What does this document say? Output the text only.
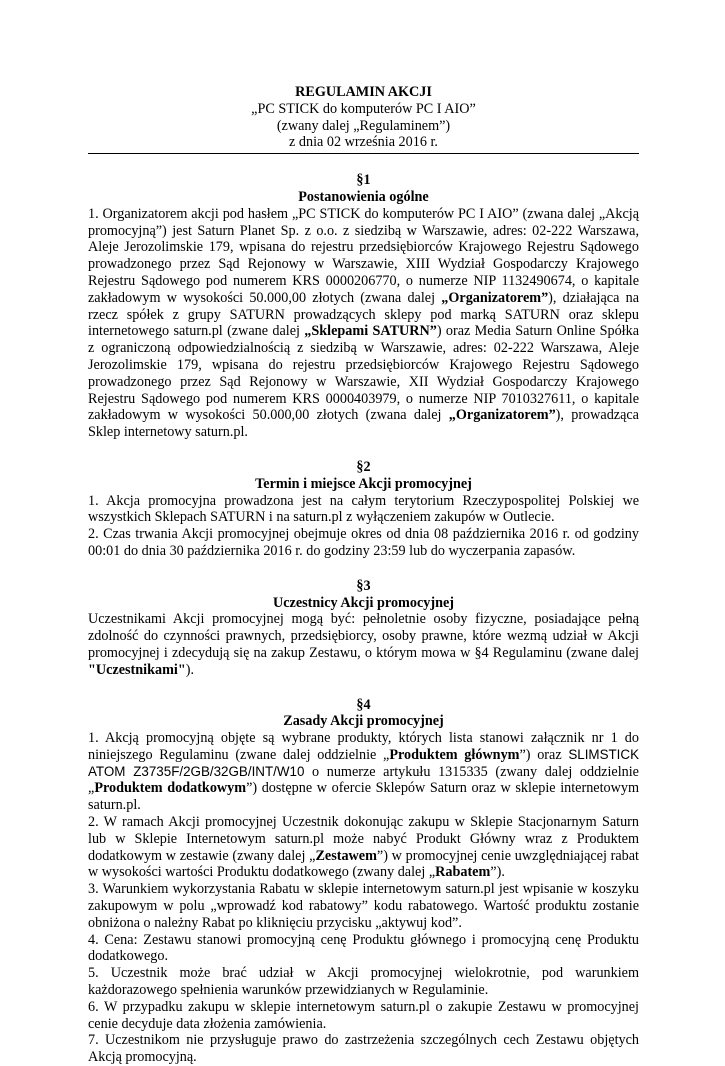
REGULAMIN AKCJI
„PC STICK do komputerów PC I AIO”
(zwany dalej „Regulaminem”)
z dnia 02 września 2016 r.
§1
Postanowienia ogólne

1. Organizatorem akcji pod hasłem „PC STICK do komputerów PC I AIO” (zwana dalej „Akcją promocyjną”) jest Saturn Planet Sp. z o.o. z siedzibą w Warszawie, adres: 02-222 Warszawa, Aleje Jerozolimskie 179, wpisana do rejestru przedsiębiorców Krajowego Rejestru Sądowego prowadzonego przez Sąd Rejonowy w Warszawie, XIII Wydział Gospodarczy Krajowego Rejestru Sądowego pod numerem KRS 0000206770, o numerze NIP 1132490674, o kapitale zakładowym w wysokości 50.000,00 złotych (zwana dalej „Organizatorem”), działająca na rzecz spółek z grupy SATURN prowadzących sklepy pod marką SATURN oraz sklepu internetowego saturn.pl (zwane dalej „Sklepami SATURN”) oraz Media Saturn Online Spółka z ograniczoną odpowiedzialnością z siedzibą w Warszawie, adres: 02-222 Warszawa, Aleje Jerozolimskie 179, wpisana do rejestru przedsiębiorców Krajowego Rejestru Sądowego prowadzonego przez Sąd Rejonowy w Warszawie, XII Wydział Gospodarczy Krajowego Rejestru Sądowego pod numerem KRS 0000403979, o numerze NIP 7010327611, o kapitale zakładowym w wysokości 50.000,00 złotych (zwana dalej „Organizatorem”), prowadząca Sklep internetowy saturn.pl.

§2
Termin i miejsce Akcji promocyjnej

1. Akcja promocyjna prowadzona jest na całym terytorium Rzeczypospolitej Polskiej we wszystkich Sklepach SATURN i na saturn.pl z wyłączeniem zakupów w Outlecie.

2. Czas trwania Akcji promocyjnej obejmuje okres od dnia 08 października 2016 r. od godziny 00:01 do dnia 30 października 2016 r. do godziny 23:59 lub do wyczerpania zapasów.

§3
Uczestnicy Akcji promocyjnej

Uczestnikami Akcji promocyjnej mogą być: pełnoletnie osoby fizyczne, posiadające pełną zdolność do czynności prawnych, przedsiębiorcy, osoby prawne, które wezmą udział w Akcji promocyjnej i zdecydują się na zakup Zestawu, o którym mowa w §4 Regulaminu (zwane dalej "Uczestnikami").

§4
Zasady Akcji promocyjnej

1. Akcją promocyjną objęte są wybrane produkty, których lista stanowi załącznik nr 1 do niniejszego Regulaminu (zwane dalej oddzielnie „Produktem głównym”) oraz SLIMSTICK ATOM Z3735F/2GB/32GB/INT/W10 o numerze artykułu 1315335 (zwany dalej oddzielnie „Produktem dodatkowym”) dostępne w ofercie Sklepów Saturn oraz w sklepie internetowym saturn.pl.

2. W ramach Akcji promocyjnej Uczestnik dokonując zakupu w Sklepie Stacjonarnym Saturn lub w Sklepie Internetowym saturn.pl może nabyć Produkt Główny wraz z Produktem dodatkowym w zestawie (zwany dalej „Zestawem”) w promocyjnej cenie uwzględniającej rabat w wysokości wartości Produktu dodatkowego (zwany dalej „Rabatem”).

3. Warunkiem wykorzystania Rabatu w sklepie internetowym saturn.pl jest wpisanie w koszyku zakupowym w polu „wprowadź kod rabatowy” kodu rabatowego. Wartość produktu zostanie obniżona o należny Rabat po kliknięciu przycisku „aktywuj kod”.

4. Cena: Zestawu stanowi promocyjną cenę Produktu głównego i promocyjną cenę Produktu dodatkowego.

5. Uczestnik może brać udział w Akcji promocyjnej wielokrotnie, pod warunkiem każdorazowego spełnienia warunków przewidzianych w Regulaminie.

6. W przypadku zakupu w sklepie internetowym saturn.pl o zakupie Zestawu w promocyjnej cenie decyduje data złożenia zamówienia.

7. Uczestnikom nie przysługuje prawo do zastrzeżenia szczególnych cech Zestawu objętych Akcją promocyjną.
